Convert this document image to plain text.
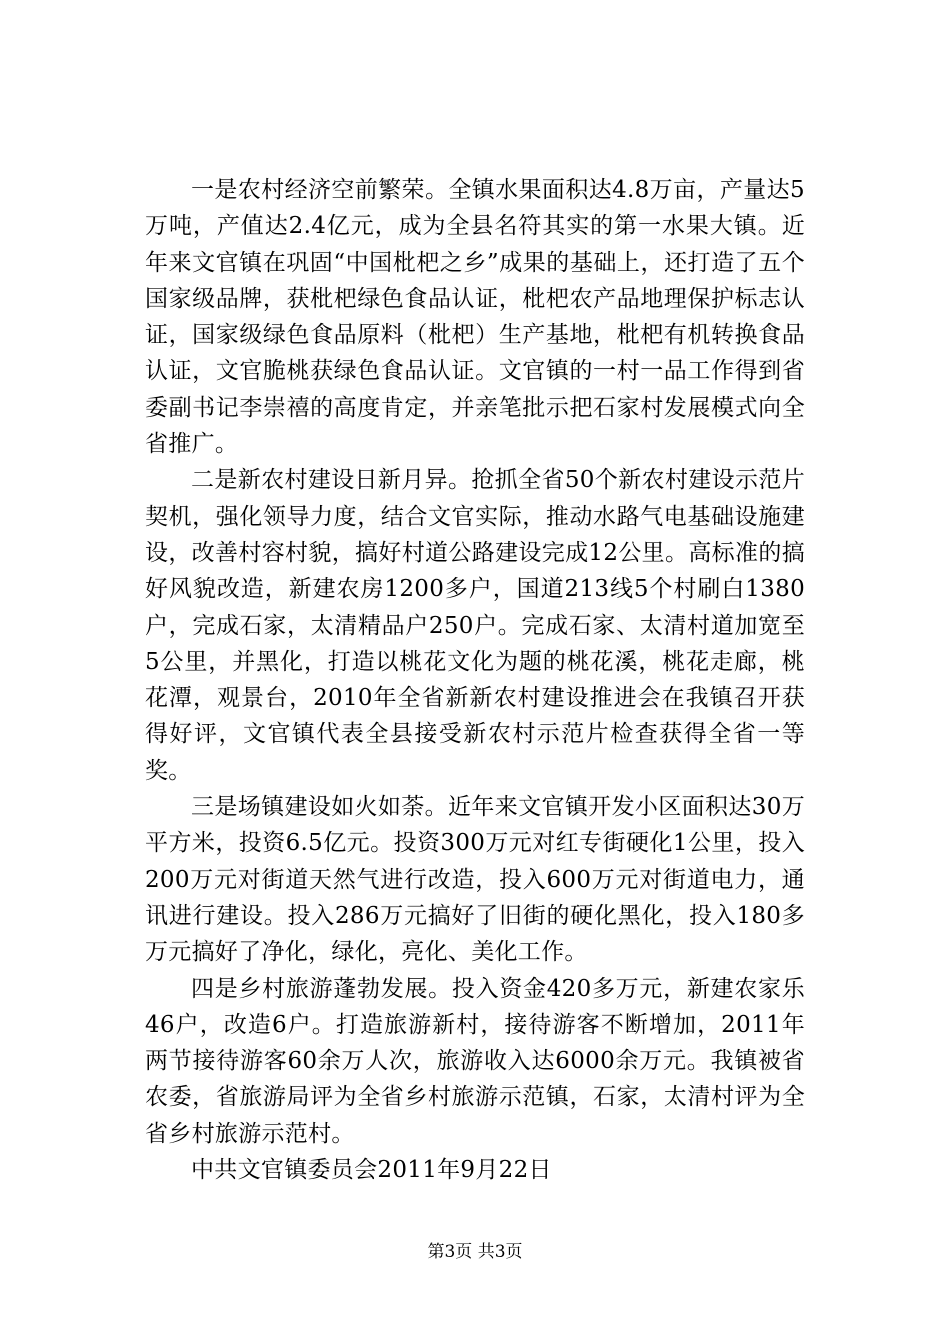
一是农村经济空前繁荣。全镇水果面积达4.8万亩，产量达5万吨，产值达2.4亿元，成为全县名符其实的第一水果大镇。近年来文官镇在巩固“中国枇杷之乡”成果的基础上，还打造了五个国家级品牌，获枇杷绿色食品认证，枇杷农产品地理保护标志认证，国家级绿色食品原料（枇杷）生产基地，枇杷有机转换食品认证，文官脆桃获绿色食品认证。文官镇的一村一品工作得到省委副书记李崇禧的高度肯定，并亲笔批示把石家村发展模式向全省推广。

二是新农村建设日新月异。抢抓全省50个新农村建设示范片契机，强化领导力度，结合文官实际，推动水路气电基础设施建设，改善村容村貌，搞好村道公路建设完成12公里。高标准的搞好风貌改造，新建农房1200多户，国道213线5个村刷白1380户，完成石家，太清精品户250户。完成石家、太清村道加宽至5公里，并黑化，打造以桃花文化为题的桃花溪，桃花走廊，桃花潭，观景台，2010年全省新新农村建设推进会在我镇召开获得好评，文官镇代表全县接受新农村示范片检查获得全省一等奖。

三是场镇建设如火如荼。近年来文官镇开发小区面积达30万平方米，投资6.5亿元。投资300万元对红专街硬化1公里，投入200万元对街道天然气进行改造，投入600万元对街道电力，通讯进行建设。投入286万元搞好了旧街的硬化黑化，投入180多万元搞好了净化，绿化，亮化、美化工作。

四是乡村旅游蓬勃发展。投入资金420多万元，新建农家乐46户，改造6户。打造旅游新村，接待游客不断增加，2011年两节接待游客60余万人次，旅游收入达6000余万元。我镇被省农委，省旅游局评为全省乡村旅游示范镇，石家，太清村评为全省乡村旅游示范村。

中共文官镇委员会2011年9月22日

第3页 共3页
